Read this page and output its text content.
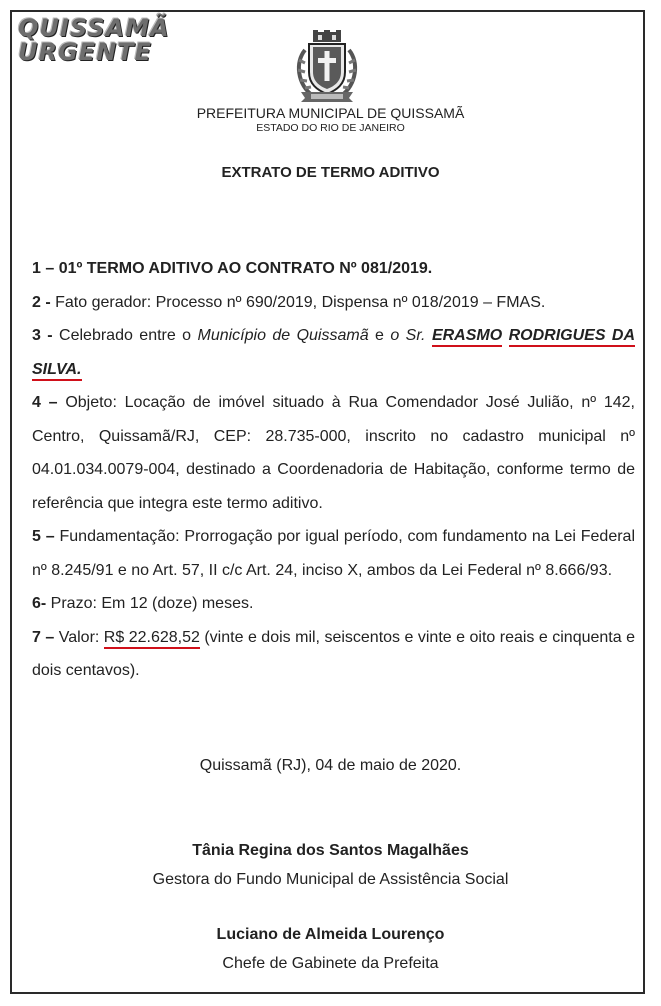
QUISSAMÃ
URGENTE
PREFEITURA MUNICIPAL DE QUISSAMÃ
ESTADO DO RIO DE JANEIRO
EXTRATO DE TERMO ADITIVO

1 – 01º TERMO ADITIVO AO CONTRATO Nº 081/2019.

2 - Fato gerador: Processo nº 690/2019, Dispensa nº 018/2019 – FMAS.

3 - Celebrado entre o Município de Quissamã e o Sr. ERASMO RODRIGUES DA SILVA.

4 – Objeto: Locação de imóvel situado à Rua Comendador José Julião, nº 142, Centro, Quissamã/RJ, CEP: 28.735-000, inscrito no cadastro municipal nº 04.01.034.0079-004, destinado a Coordenadoria de Habitação, conforme termo de referência que integra este termo aditivo.

5 – Fundamentação: Prorrogação por igual período, com fundamento na Lei Federal nº 8.245/91 e no Art. 57, II c/c Art. 24, inciso X, ambos da Lei Federal nº 8.666/93.

6- Prazo: Em 12 (doze) meses.

7 – Valor: R$ 22.628,52 (vinte e dois mil, seiscentos e vinte e oito reais e cinquenta e dois centavos).

Quissamã (RJ), 04 de maio de 2020.
Tânia Regina dos Santos Magalhães
Gestora do Fundo Municipal de Assistência Social
Luciano de Almeida Lourenço
Chefe de Gabinete da Prefeita
